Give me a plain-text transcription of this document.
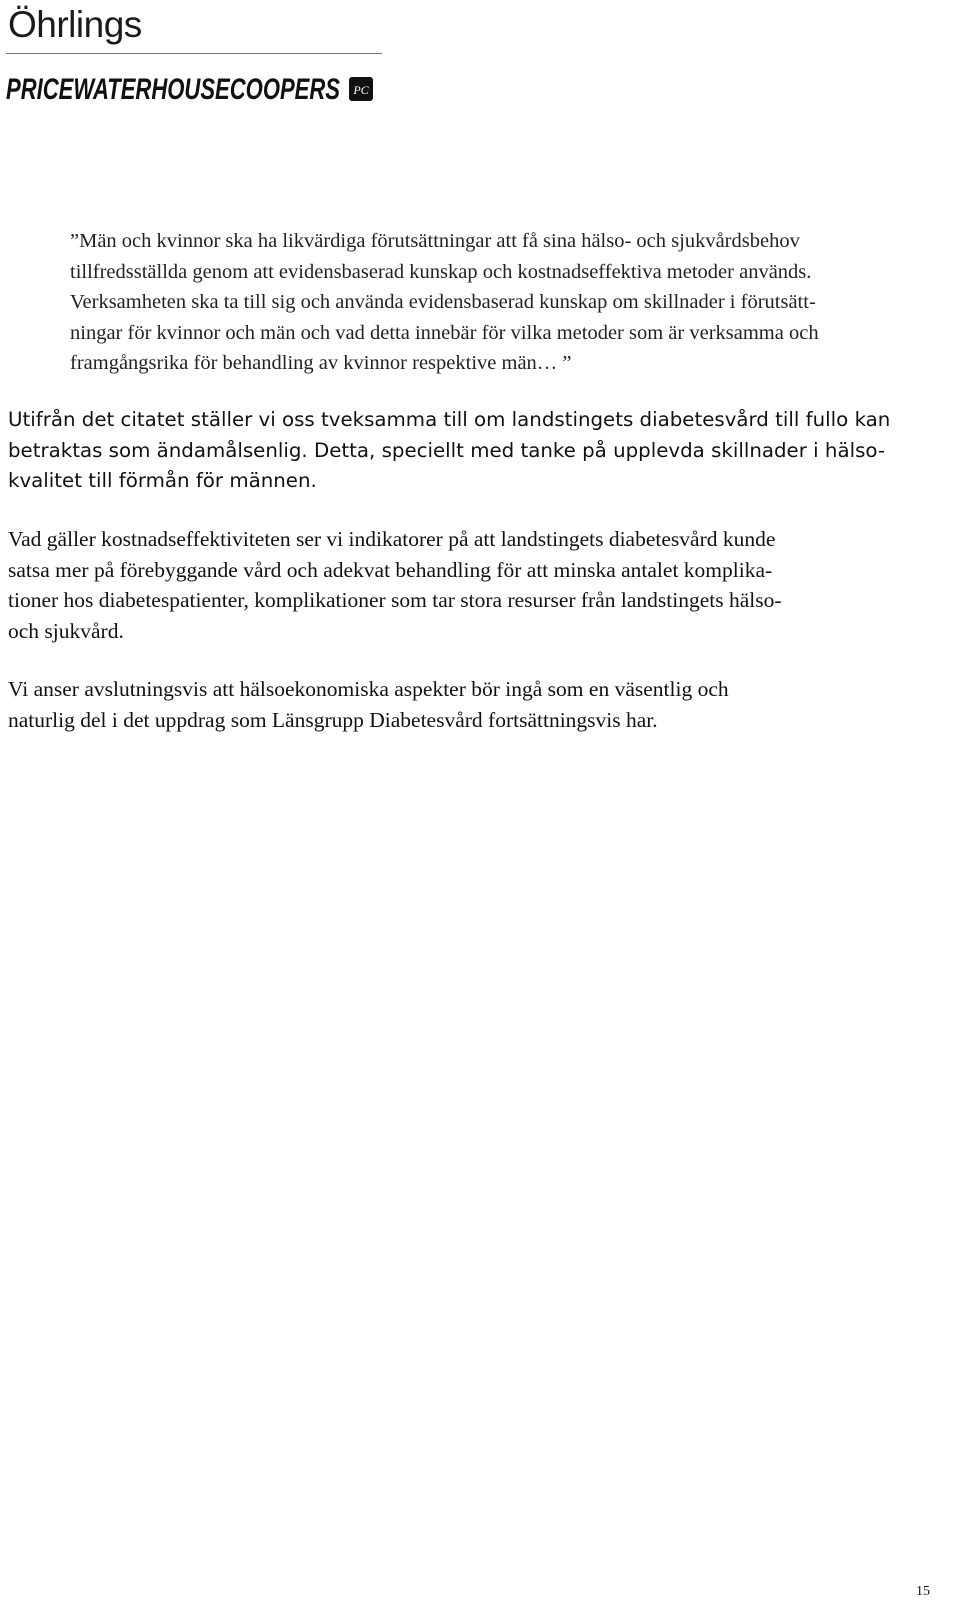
Öhrlings
PRICEWATERHOUSECOOPERS PC
”Män och kvinnor ska ha likvärdiga förutsättningar att få sina hälso- och sjukvårdsbehov
tillfredsställda genom att evidensbaserad kunskap och kostnadseffektiva metoder används.
Verksamheten ska ta till sig och använda evidensbaserad kunskap om skillnader i förutsätt-
ningar för kvinnor och män och vad detta innebär för vilka metoder som är verksamma och
framgångsrika för behandling av kvinnor respektive män… ”
Utifrån det citatet ställer vi oss tveksamma till om landstingets diabetesvård till fullo kan
betraktas som ändamålsenlig. Detta, speciellt med tanke på upplevda skillnader i hälso-
kvalitet till förmån för männen.
Vad gäller kostnadseffektiviteten ser vi indikatorer på att landstingets diabetesvård kunde
satsa mer på förebyggande vård och adekvat behandling för att minska antalet komplika-
tioner hos diabetespatienter, komplikationer som tar stora resurser från landstingets hälso-
och sjukvård.
Vi anser avslutningsvis att hälsoekonomiska aspekter bör ingå som en väsentlig och
naturlig del i det uppdrag som Länsgrupp Diabetesvård fortsättningsvis har.
15
